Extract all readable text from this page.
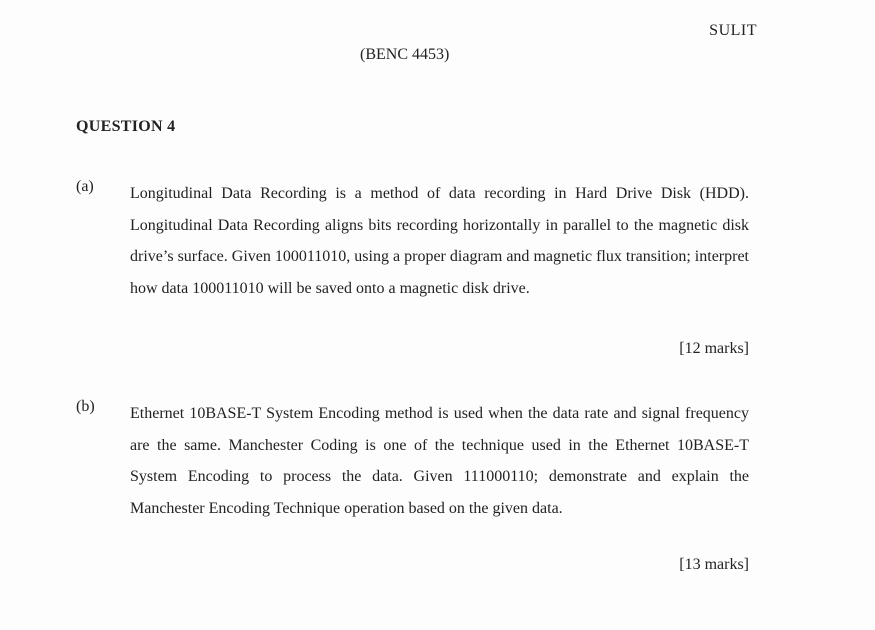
SULIT
(BENC 4453)
QUESTION 4
(a) Longitudinal Data Recording is a method of data recording in Hard Drive Disk (HDD). Longitudinal Data Recording aligns bits recording horizontally in parallel to the magnetic disk drive’s surface. Given 100011010, using a proper diagram and magnetic flux transition; interpret how data 100011010 will be saved onto a magnetic disk drive.

[12 marks]
(b) Ethernet 10BASE-T System Encoding method is used when the data rate and signal frequency are the same. Manchester Coding is one of the technique used in the Ethernet 10BASE-T System Encoding to process the data. Given 111000110; demonstrate and explain the Manchester Encoding Technique operation based on the given data.

[13 marks]
